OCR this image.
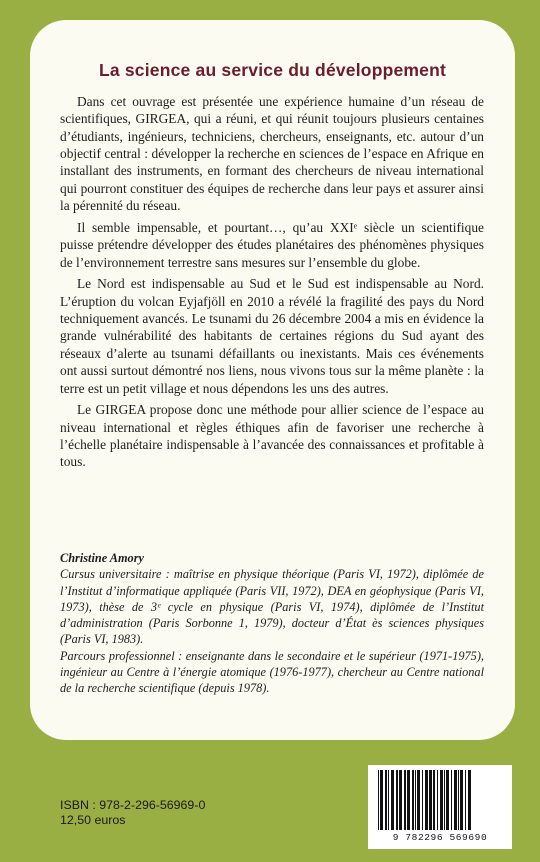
La science au service du développement

Dans cet ouvrage est présentée une expérience humaine d’un réseau de scientifiques, GIRGEA, qui a réuni, et qui réunit toujours plusieurs centaines d’étudiants, ingénieurs, techniciens, chercheurs, enseignants, etc. autour d’un objectif central : développer la recherche en sciences de l’espace en Afrique en installant des instruments, en formant des chercheurs de niveau international qui pourront constituer des équipes de recherche dans leur pays et assurer ainsi la pérennité du réseau.

Il semble impensable, et pourtant…, qu’au XXIᵉ siècle un scientifique puisse prétendre développer des études planétaires des phénomènes physiques de l’environnement terrestre sans mesures sur l’ensemble du globe.

Le Nord est indispensable au Sud et le Sud est indispensable au Nord. L’éruption du volcan Eyjafjöll en 2010 a révélé la fragilité des pays du Nord techniquement avancés. Le tsunami du 26 décembre 2004 a mis en évidence la grande vulnérabilité des habitants de certaines régions du Sud ayant des réseaux d’alerte au tsunami défaillants ou inexistants. Mais ces événements ont aussi surtout démontré nos liens, nous vivons tous sur la même planète : la terre est un petit village et nous dépendons les uns des autres.

Le GIRGEA propose donc une méthode pour allier science de l’espace au niveau international et règles éthiques afin de favoriser une recherche à l’échelle planétaire indispensable à l’avancée des connaissances et profitable à tous.

Christine Amory

Cursus universitaire : maîtrise en physique théorique (Paris VI, 1972), diplômée de l’Institut d’informatique appliquée (Paris VII, 1972), DEA en géophysique (Paris VI, 1973), thèse de 3ᵉ cycle en physique (Paris VI, 1974), diplômée de l’Institut d’administration (Paris Sorbonne 1, 1979), docteur d’État ès sciences physiques (Paris VI, 1983).

Parcours professionnel : enseignante dans le secondaire et le supérieur (1971-1975), ingénieur au Centre à l’énergie atomique (1976-1977), chercheur au Centre national de la recherche scientifique (depuis 1978).

ISBN : 978-2-296-56969-0
12,50 euros
9 782296 569690
